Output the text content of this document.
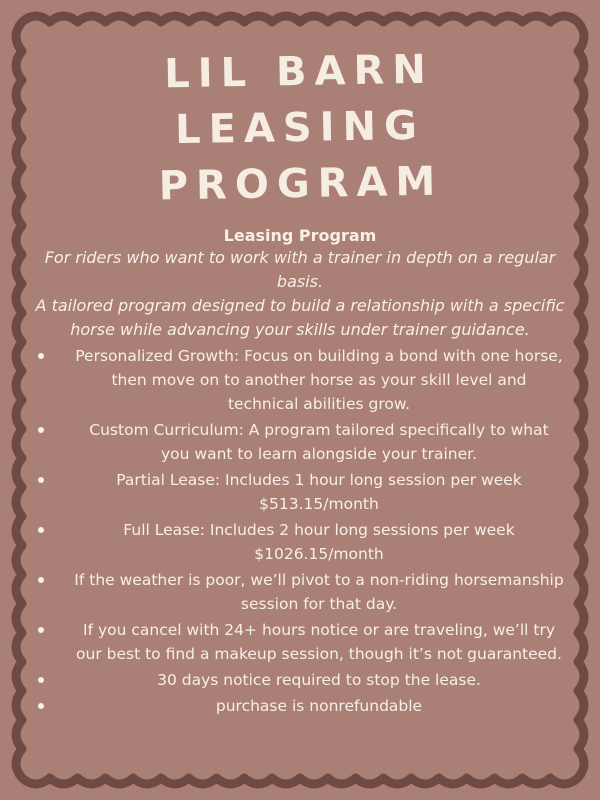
LIL BARN LEASING
PROGRAM
Leasing Program
For riders who want to work with a trainer in depth on a regular basis.
A tailored program designed to build a relationship with a specific horse while advancing your skills under trainer guidance.
Personalized Growth: Focus on building a bond with one horse, then move on to another horse as your skill level and technical abilities grow.
Custom Curriculum: A program tailored specifically to what you want to learn alongside your trainer.
Partial Lease: Includes 1 hour long session per week $513.15/month
Full Lease: Includes 2 hour long sessions per week $1026.15/month
If the weather is poor, we’ll pivot to a non-riding horsemanship session for that day.
If you cancel with 24+ hours notice or are traveling, we’ll try our best to find a makeup session, though it’s not guaranteed.
30 days notice required to stop the lease.
purchase is nonrefundable
